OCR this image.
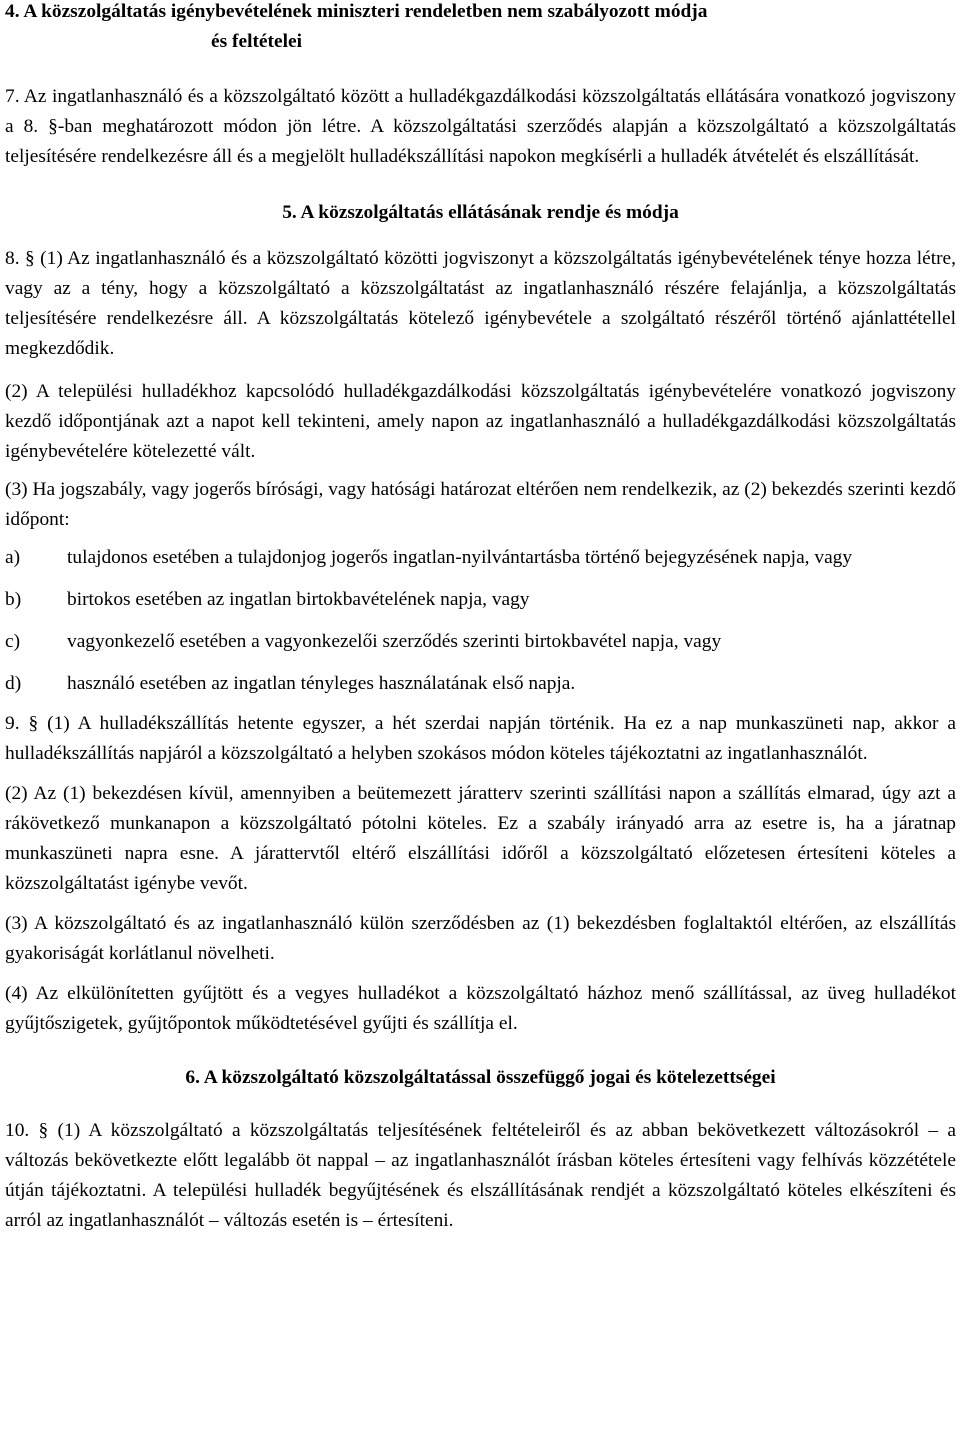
4. A közszolgáltatás igénybevételének miniszteri rendeletben nem szabályozott módja
és feltételei

7. Az ingatlanhasználó és a közszolgáltató között a hulladékgazdálkodási közszolgáltatás ellátására vonatkozó jogviszony a 8. §-ban meghatározott módon jön létre. A közszolgáltatási szerződés alapján a közszolgáltató a közszolgáltatás teljesítésére rendelkezésre áll és a megjelölt hulladékszállítási napokon megkísérli a hulladék átvételét és elszállítását.

5. A közszolgáltatás ellátásának rendje és módja

8. § (1) Az ingatlanhasználó és a közszolgáltató közötti jogviszonyt a közszolgáltatás igénybevételének ténye hozza létre, vagy az a tény, hogy a közszolgáltató a közszolgáltatást az ingatlanhasználó részére felajánlja, a közszolgáltatás teljesítésére rendelkezésre áll. A közszolgáltatás kötelező igénybevétele a szolgáltató részéről történő ajánlattétellel megkezdődik.

(2) A települési hulladékhoz kapcsolódó hulladékgazdálkodási közszolgáltatás igénybevételére vonatkozó jogviszony kezdő időpontjának azt a napot kell tekinteni, amely napon az ingatlanhasználó a hulladékgazdálkodási közszolgáltatás igénybevételére kötelezetté vált.

(3) Ha jogszabály, vagy jogerős bírósági, vagy hatósági határozat eltérően nem rendelkezik, az (2) bekezdés szerinti kezdő időpont:

a)	tulajdonos esetében a tulajdonjog jogerős ingatlan-nyilvántartásba történő bejegyzésének napja, vagy
b)	birtokos esetében az ingatlan birtokbavételének napja, vagy
c)	vagyonkezelő esetében a vagyonkezelői szerződés szerinti birtokbavétel napja, vagy
d)	használó esetében az ingatlan tényleges használatának első napja.

9. § (1) A hulladékszállítás hetente egyszer, a hét szerdai napján történik. Ha ez a nap munkaszüneti nap, akkor a hulladékszállítás napjáról a közszolgáltató a helyben szokásos módon köteles tájékoztatni az ingatlanhasználót.

(2) Az (1) bekezdésen kívül, amennyiben a beütemezett járatterv szerinti szállítási napon a szállítás elmarad, úgy azt a rákövetkező munkanapon a közszolgáltató pótolni köteles. Ez a szabály irányadó arra az esetre is, ha a járatnap munkaszüneti napra esne. A járattervtől eltérő elszállítási időről a közszolgáltató előzetesen értesíteni köteles a közszolgáltatást igénybe vevőt.

(3) A közszolgáltató és az ingatlanhasználó külön szerződésben az (1) bekezdésben foglaltaktól eltérően, az elszállítás gyakoriságát korlátlanul növelheti.

(4) Az elkülönítetten gyűjtött és a vegyes hulladékot a közszolgáltató házhoz menő szállítással, az üveg hulladékot gyűjtőszigetek, gyűjtőpontok működtetésével gyűjti és szállítja el.

6. A közszolgáltató közszolgáltatással összefüggő jogai és kötelezettségei

10. § (1) A közszolgáltató a közszolgáltatás teljesítésének feltételeiről és az abban bekövetkezett változásokról – a változás bekövetkezte előtt legalább öt nappal – az ingatlanhasználót írásban köteles értesíteni vagy felhívás közzététele útján tájékoztatni. A települési hulladék begyűjtésének és elszállításának rendjét a közszolgáltató köteles elkészíteni és arról az ingatlanhasználót – változás esetén is – értesíteni.
